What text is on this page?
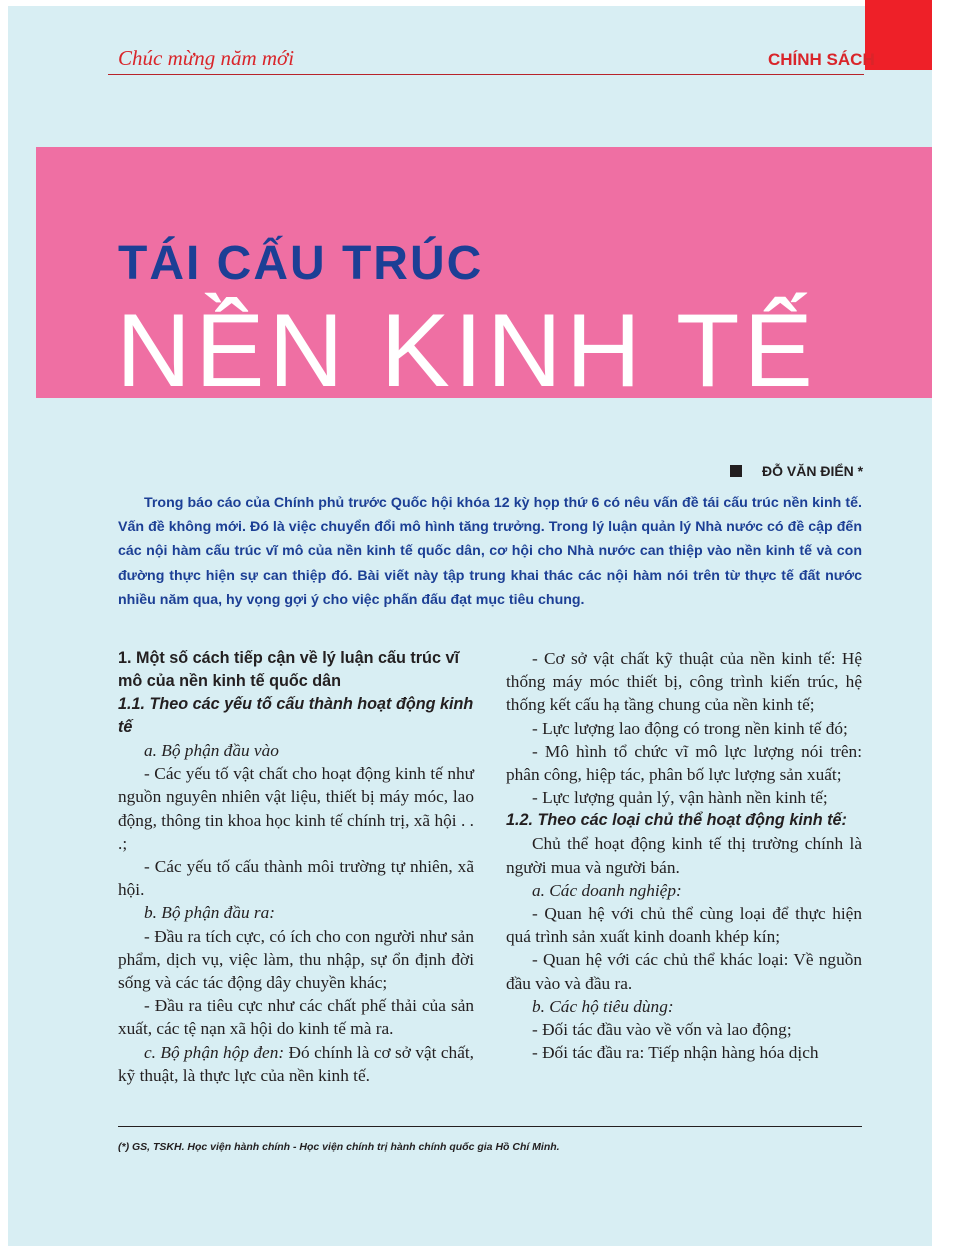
Chúc mừng năm mới	CHÍNH SÁCH
TÁI CẤU TRÚC
NỀN KINH TẾ
ĐỖ VĂN ĐIỂN *

Trong báo cáo của Chính phủ trước Quốc hội khóa 12 kỳ họp thứ 6 có nêu vấn đề tái cấu trúc nền kinh tế. Vấn đề không mới. Đó là việc chuyển đổi mô hình tăng trưởng. Trong lý luận quản lý Nhà nước có đề cập đến các nội hàm cấu trúc vĩ mô của nền kinh tế quốc dân, cơ hội cho Nhà nước can thiệp vào nền kinh tế và con đường thực hiện sự can thiệp đó. Bài viết này tập trung khai thác các nội hàm nói trên từ thực tế đất nước nhiều năm qua, hy vọng gợi ý cho việc phấn đấu đạt mục tiêu chung.

1. Một số cách tiếp cận về lý luận cấu trúc vĩ mô của nền kinh tế quốc dân

1.1. Theo các yếu tố cấu thành hoạt động kinh tế

a. Bộ phận đầu vào

- Các yếu tố vật chất cho hoạt động kinh tế như nguồn nguyên nhiên vật liệu, thiết bị máy móc, lao động, thông tin khoa học kinh tế chính trị, xã hội . . .;

- Các yếu tố cấu thành môi trường tự nhiên, xã hội.

b. Bộ phận đầu ra:

- Đầu ra tích cực, có ích cho con người như sản phẩm, dịch vụ, việc làm, thu nhập, sự ổn định đời sống và các tác động dây chuyền khác;

- Đầu ra tiêu cực như các chất phế thải của sản xuất, các tệ nạn xã hội do kinh tế mà ra.

c. Bộ phận hộp đen: Đó chính là cơ sở vật chất, kỹ thuật, là thực lực của nền kinh tế.

- Cơ sở vật chất kỹ thuật của nền kinh tế: Hệ thống máy móc thiết bị, công trình kiến trúc, hệ thống kết cấu hạ tầng chung của nền kinh tế;

- Lực lượng lao động có trong nền kinh tế đó;

- Mô hình tổ chức vĩ mô lực lượng nói trên: phân công, hiệp tác, phân bố lực lượng sản xuất;

- Lực lượng quản lý, vận hành nền kinh tế;

1.2. Theo các loại chủ thể hoạt động kinh tế:

Chủ thể hoạt động kinh tế thị trường chính là người mua và người bán.

a. Các doanh nghiệp:

- Quan hệ với chủ thể cùng loại để thực hiện quá trình sản xuất kinh doanh khép kín;

- Quan hệ với các chủ thể khác loại: Về nguồn đầu vào và đầu ra.

b. Các hộ tiêu dùng:

- Đối tác đầu vào về vốn và lao động;

- Đối tác đầu ra: Tiếp nhận hàng hóa dịch

(*) GS, TSKH. Học viện hành chính - Học viện chính trị hành chính quốc gia Hồ Chí Minh.
